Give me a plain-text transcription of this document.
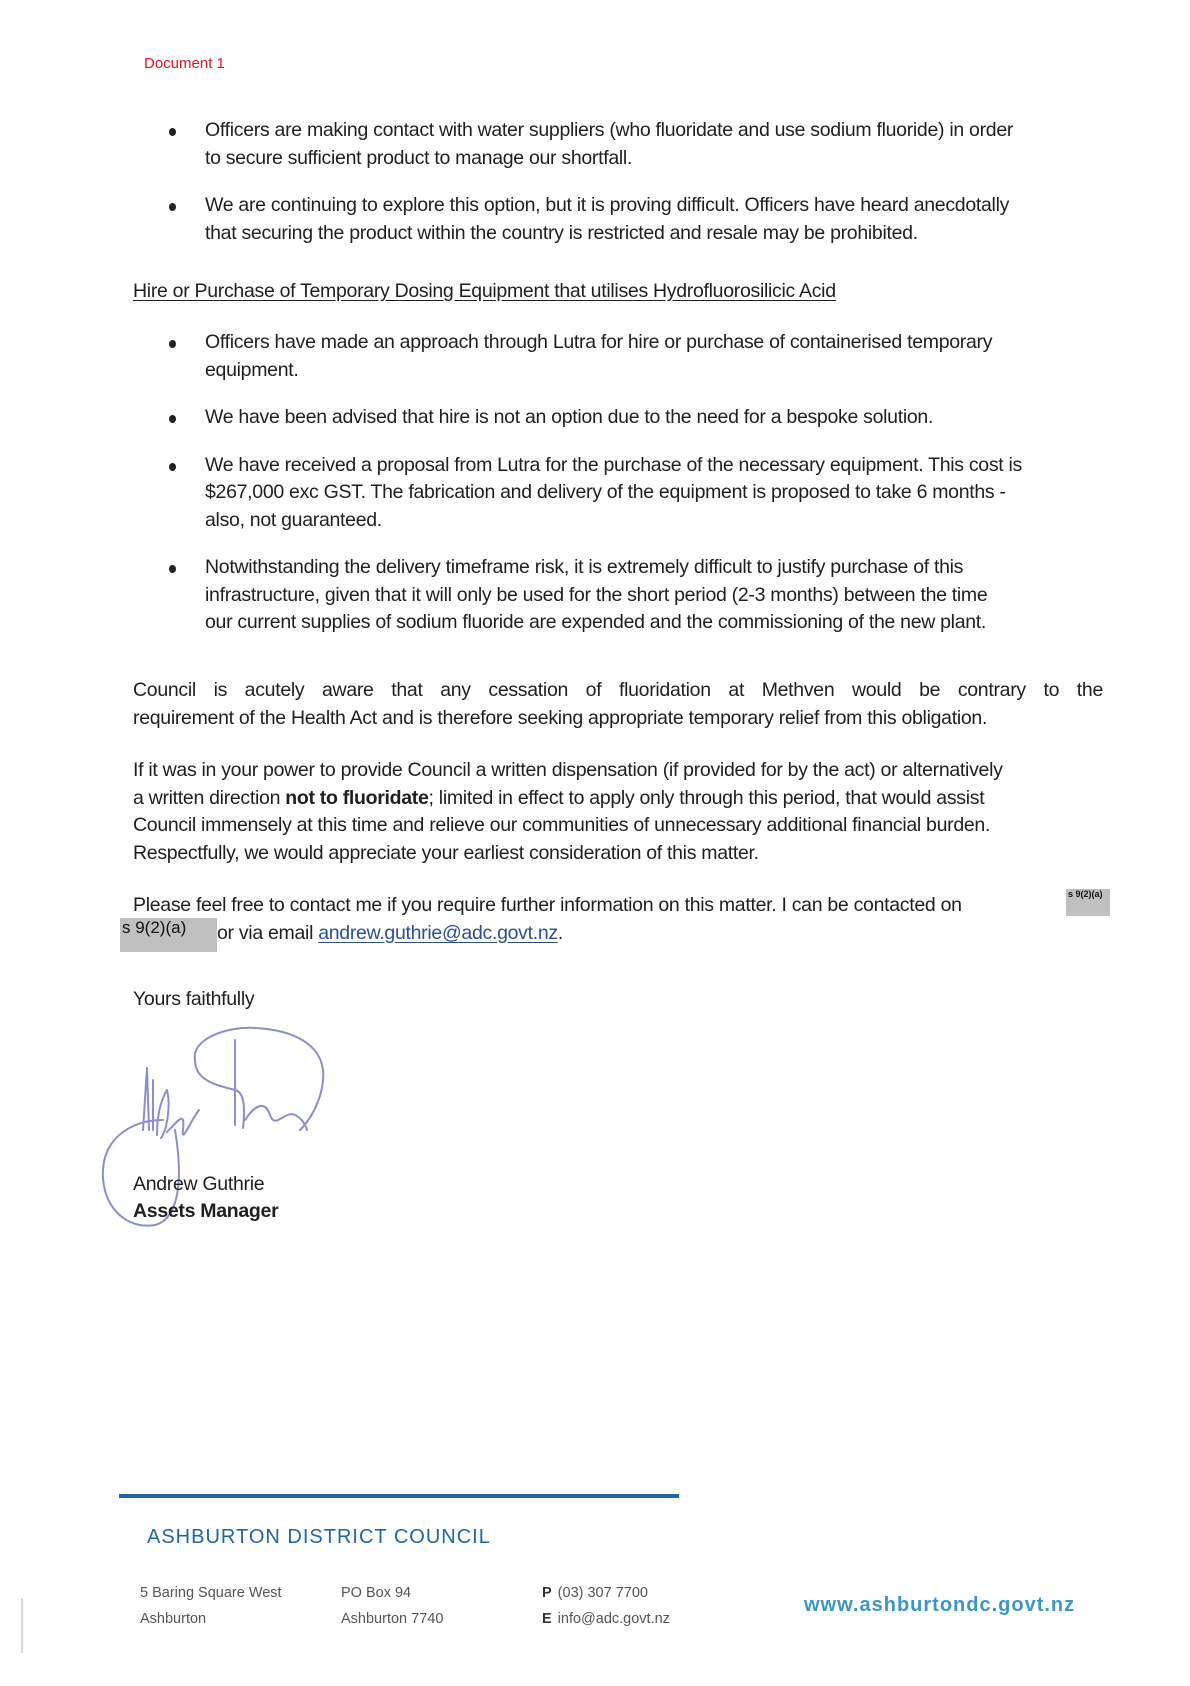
Document 1
Officers are making contact with water suppliers (who fluoridate and use sodium fluoride) in order
to secure sufficient product to manage our shortfall.
We are continuing to explore this option, but it is proving difficult. Officers have heard anecdotally
that securing the product within the country is restricted and resale may be prohibited.
Hire or Purchase of Temporary Dosing Equipment that utilises Hydrofluorosilicic Acid
Officers have made an approach through Lutra for hire or purchase of containerised temporary
equipment.
We have been advised that hire is not an option due to the need for a bespoke solution.
We have received a proposal from Lutra for the purchase of the necessary equipment. This cost is
$267,000 exc GST. The fabrication and delivery of the equipment is proposed to take 6 months -
also, not guaranteed.
Notwithstanding the delivery timeframe risk, it is extremely difficult to justify purchase of this
infrastructure, given that it will only be used for the short period (2-3 months) between the time
our current supplies of sodium fluoride are expended and the commissioning of the new plant.
Council is acutely aware that any cessation of fluoridation at Methven would be contrary to the
requirement of the Health Act and is therefore seeking appropriate temporary relief from this obligation.
If it was in your power to provide Council a written dispensation (if provided for by the act) or alternatively
a written direction not to fluoridate; limited in effect to apply only through this period, that would assist
Council immensely at this time and relieve our communities of unnecessary additional financial burden.
Respectfully, we would appreciate your earliest consideration of this matter.
Please feel free to contact me if you require further information on this matter. I can be contacted on
or via email andrew.guthrie@adc.govt.nz.
s 9(2)(a)
s 9(2)(a)
Yours faithfully
Andrew Guthrie
Assets Manager
ASHBURTON DISTRICT COUNCIL
5 Baring Square West
Ashburton
PO Box 94
Ashburton 7740
P (03) 307 7700
E info@adc.govt.nz
www.ashburtondc.govt.nz
